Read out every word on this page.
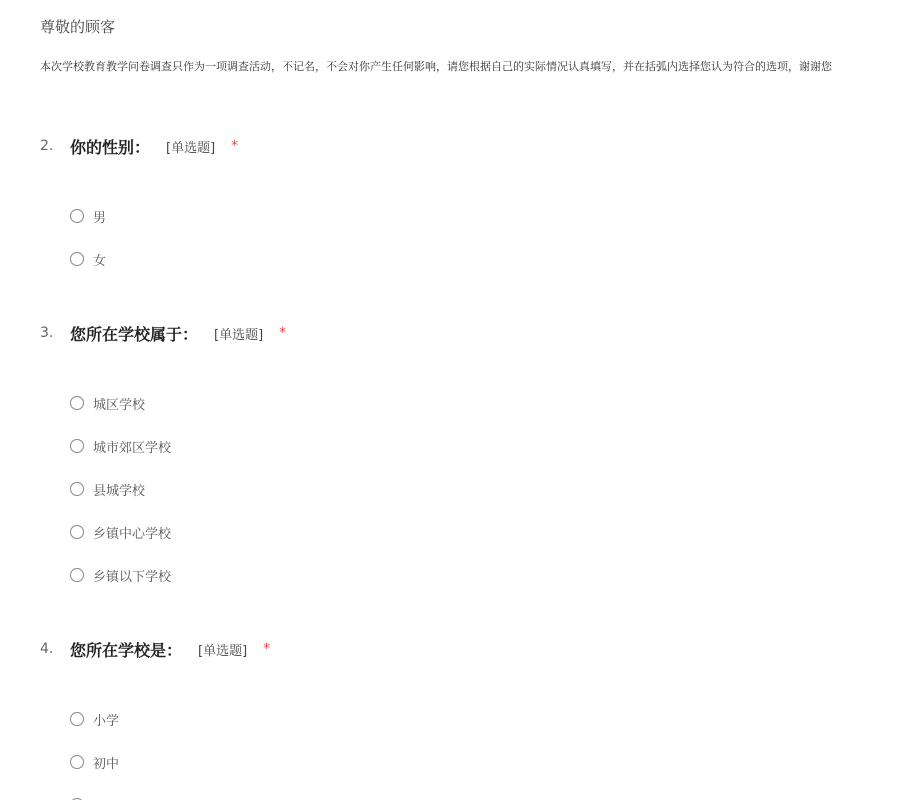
尊敬的顾客
本次学校教育教学问卷调查只作为一项调查活动，不记名，不会对你产生任何影响，请您根据自己的实际情况认真填写，并在括弧内选择您认为符合的选项，谢谢您
2.	你的性别： [单选题] *
男
女
3.	您所在学校属于： [单选题] *
城区学校
城市郊区学校
县城学校
乡镇中心学校
乡镇以下学校
4.	您所在学校是： [单选题] *
小学
初中
